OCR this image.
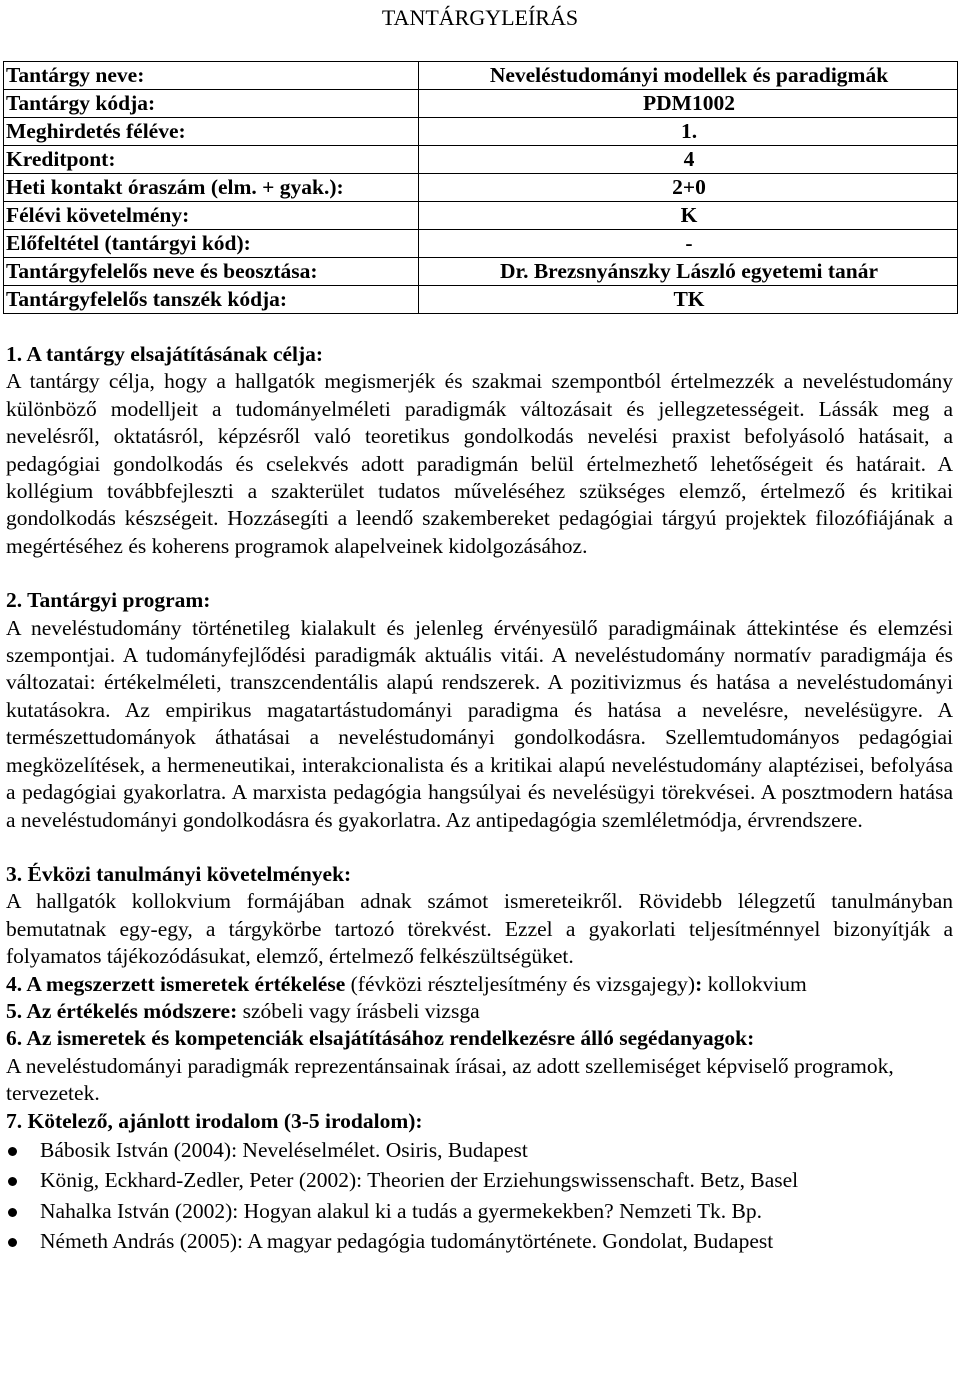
TANTÁRGYLEÍRÁS
Tantárgy neve:	Neveléstudományi modellek és paradigmák
Tantárgy kódja:	PDM1002
Meghirdetés féléve:	1.
Kreditpont:	4
Heti kontakt óraszám (elm. + gyak.):	2+0
Félévi követelmény:	K
Előfeltétel (tantárgyi kód):	-
Tantárgyfelelős neve és beosztása:	Dr. Brezsnyánszky László egyetemi tanár
Tantárgyfelelős tanszék kódja:	TK
1. A tantárgy elsajátításának célja:

A tantárgy célja, hogy a hallgatók megismerjék és szakmai szempontból értelmezzék a neveléstudomány különböző modelljeit a tudományelméleti paradigmák változásait és jellegzetességeit. Lássák meg a nevelésről, oktatásról, képzésről való teoretikus gondolkodás nevelési praxist befolyásoló hatásait, a pedagógiai gondolkodás és cselekvés adott paradigmán belül értelmezhető lehetőségeit és határait. A kollégium továbbfejleszti a szakterület tudatos műveléséhez szükséges elemző, értelmező és kritikai gondolkodás készségeit. Hozzásegíti a leendő szakembereket pedagógiai tárgyú projektek filozófiájának a megértéséhez és koherens programok alapelveinek kidolgozásához.

2. Tantárgyi program:

A neveléstudomány történetileg kialakult és jelenleg érvényesülő paradigmáinak áttekintése és elemzési szempontjai. A tudományfejlődési paradigmák aktuális vitái. A neveléstudomány normatív paradigmája és változatai: értékelméleti, transzcendentális alapú rendszerek. A pozitivizmus és hatása a neveléstudományi kutatásokra. Az empirikus magatartástudományi paradigma és hatása a nevelésre, nevelésügyre. A természettudományok áthatásai a neveléstudományi gondolkodásra. Szellemtudományos pedagógiai megközelítések, a hermeneutikai, interakcionalista és a kritikai alapú neveléstudomány alaptézisei, befolyása a pedagógiai gyakorlatra. A marxista pedagógia hangsúlyai és nevelésügyi törekvései. A posztmodern hatása a neveléstudományi gondolkodásra és gyakorlatra. Az antipedagógia szemléletmódja, érvrendszere.

3. Évközi tanulmányi követelmények:

A hallgatók kollokvium formájában adnak számot ismereteikről. Rövidebb lélegzetű tanulmányban bemutatnak egy-egy, a tárgykörbe tartozó törekvést. Ezzel a gyakorlati teljesítménnyel bizonyítják a folyamatos tájékozódásukat, elemző, értelmező felkészültségüket.

4. A megszerzett ismeretek értékelése (févközi részteljesítmény és vizsgajegy): kollokvium
5. Az értékelés módszere: szóbeli vagy írásbeli vizsga
6. Az ismeretek és kompetenciák elsajátításához rendelkezésre álló segédanyagok:

A neveléstudományi paradigmák reprezentánsainak írásai, az adott szellemiséget képviselő programok, tervezetek.

7. Kötelező, ajánlott irodalom (3-5 irodalom):
Bábosik István (2004): Neveléselmélet. Osiris, Budapest
König, Eckhard-Zedler, Peter (2002): Theorien der Erziehungswissenschaft. Betz, Basel
Nahalka István (2002): Hogyan alakul ki a tudás a gyermekekben? Nemzeti Tk. Bp.
Németh András (2005): A magyar pedagógia tudománytörténete. Gondolat, Budapest
